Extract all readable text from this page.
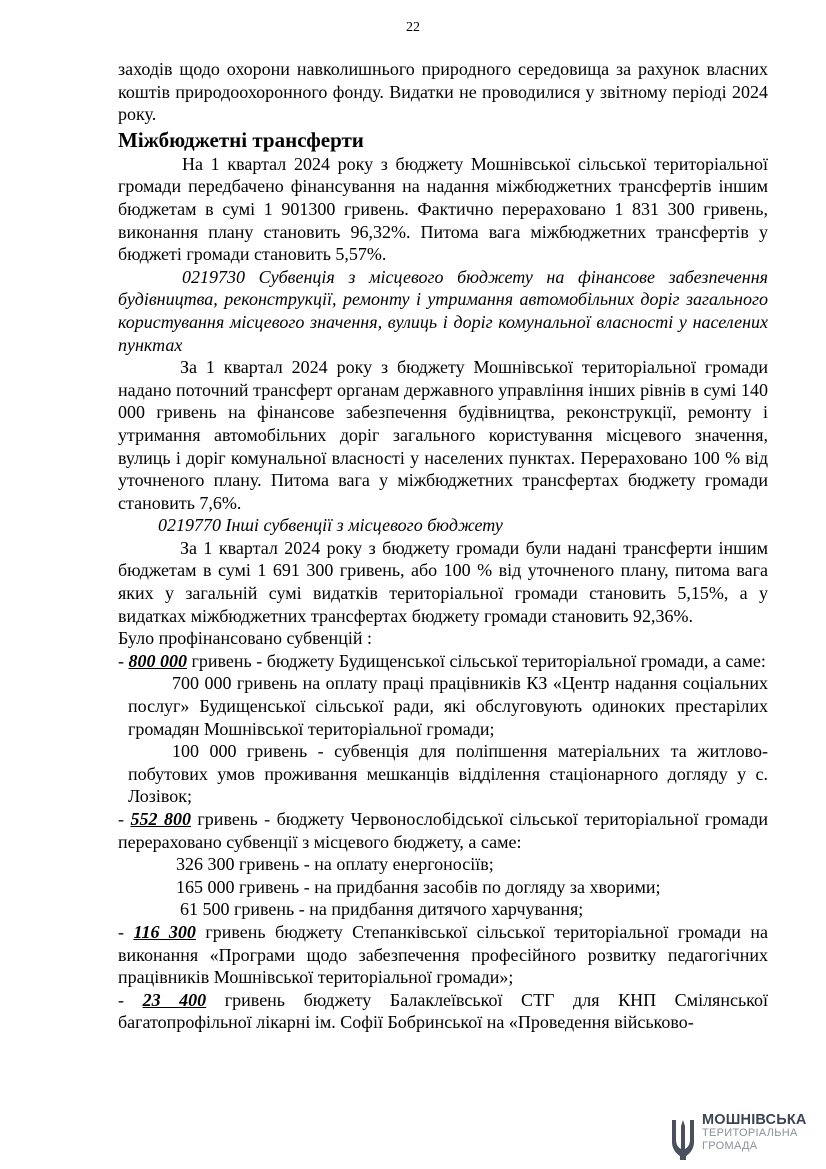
22

заходів щодо охорони навколишнього природного середовища за рахунок власних коштів природоохоронного фонду. Видатки не проводилися у звітному періоді 2024 року.

Міжбюджетні трансферти

На 1 квартал 2024 року з бюджету Мошнівської сільської територіальної громади передбачено фінансування на надання міжбюджетних трансфертів іншим бюджетам в сумі 1 901300 гривень. Фактично перераховано 1 831 300 гривень, виконання плану становить 96,32%. Питома вага міжбюджетних трансфертів у бюджеті громади становить 5,57%.

0219730 Субвенція з місцевого бюджету на фінансове забезпечення будівництва, реконструкції, ремонту і утримання автомобільних доріг загального користування місцевого значення, вулиць і доріг комунальної власності у населених пунктах

За 1 квартал 2024 року з бюджету Мошнівської територіальної громади надано поточний трансферт органам державного управління інших рівнів в сумі 140 000 гривень на фінансове забезпечення будівництва, реконструкції, ремонту і утримання автомобільних доріг загального користування місцевого значення, вулиць і доріг комунальної власності у населених пунктах. Перераховано 100 % від уточненого плану. Питома вага у міжбюджетних трансфертах бюджету громади становить 7,6%.

0219770 Інші субвенції з місцевого бюджету

За 1 квартал 2024 року з бюджету громади були надані трансферти іншим бюджетам в сумі 1 691 300 гривень, або 100 % від уточненого плану, питома вага яких у загальній сумі видатків територіальної громади становить 5,15%, а у видатках міжбюджетних трансфертах бюджету громади становить 92,36%.

Було профінансовано субвенцій :

- 800 000 гривень - бюджету Будищенської сільської територіальної громади, а саме:

700 000 гривень на оплату праці працівників КЗ «Центр надання соціальних послуг» Будищенської сільської ради, які обслуговують одиноких престарілих громадян Мошнівської територіальної громади;

100 000 гривень - субвенція для поліпшення матеріальних та житлово-побутових умов проживання мешканців відділення стаціонарного догляду у с. Лозівок;

- 552 800 гривень - бюджету Червонослобідської сільської територіальної громади перераховано субвенції з місцевого бюджету, а саме:

326 300 гривень - на оплату енергоносіїв;

165 000 гривень - на придбання засобів по догляду за хворими;

61 500 гривень - на придбання дитячого харчування;

- 116 300 гривень бюджету Степанківської сільської територіальної громади на виконання «Програми щодо забезпечення професійного розвитку педагогічних працівників Мошнівської територіальної громади»;

- 23 400 гривень бюджету Балаклеївської СТГ для КНП Смілянської багатопрофільної лікарні ім. Софії Бобринської на «Проведення військово-

МОШНІВСЬКА
ТЕРИТОРІАЛЬНА
ГРОМАДА
